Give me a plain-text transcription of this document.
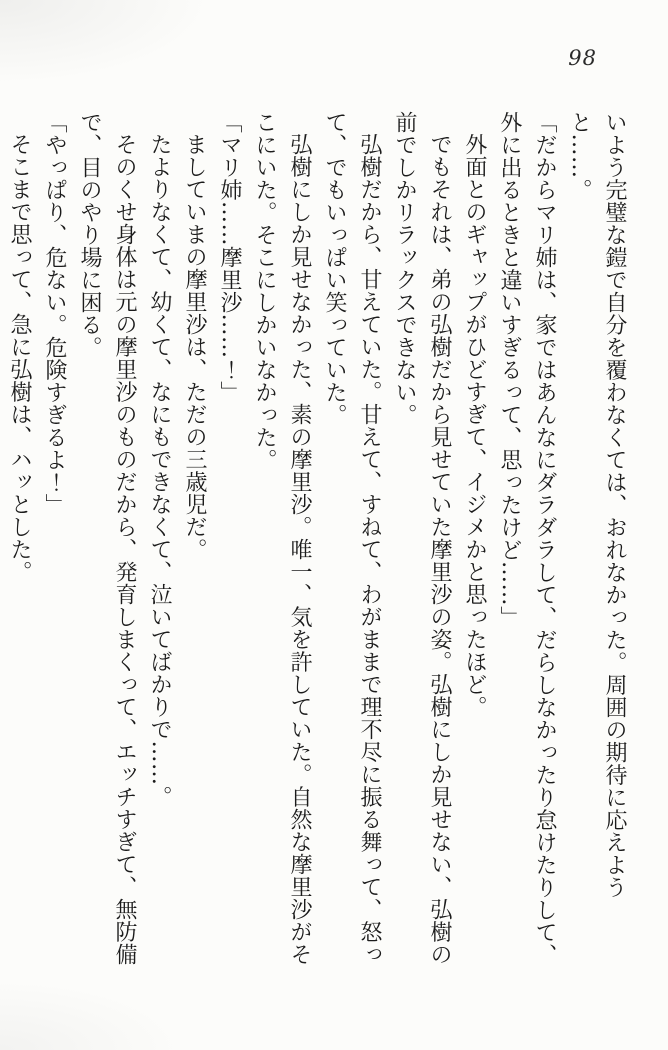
98

いよう完璧な鎧で自分を覆わなくては、おれなかった。周囲の期待に応えようと……。

「だからマリ姉は、家ではあんなにダラダラして、だらしなかったり怠けたりして、外に出るときと違いすぎるって、思ったけど……」

外面とのギャップがひどすぎて、イジメかと思ったほど。

でもそれは、弟の弘樹だから見せていた摩里沙の姿。弘樹にしか見せない、弘樹の前でしかリラックスできない。

弘樹だから、甘えていた。甘えて、すねて、わがままで理不尽に振る舞って、怒って、でもいっぱい笑っていた。

弘樹にしか見せなかった、素の摩里沙。唯一、気を許していた。自然な摩里沙がそこにいた。そこにしかいなかった。

「マリ姉……摩里沙……！」

ましていまの摩里沙は、ただの三歳児だ。

たよりなくて、幼くて、なにもできなくて、泣いてばかりで……。

そのくせ身体は元の摩里沙のものだから、発育しまくって、エッチすぎて、無防備で、目のやり場に困る。

「やっぱり、危ない。危険すぎるよ！」

そこまで思って、急に弘樹は、ハッとした。
